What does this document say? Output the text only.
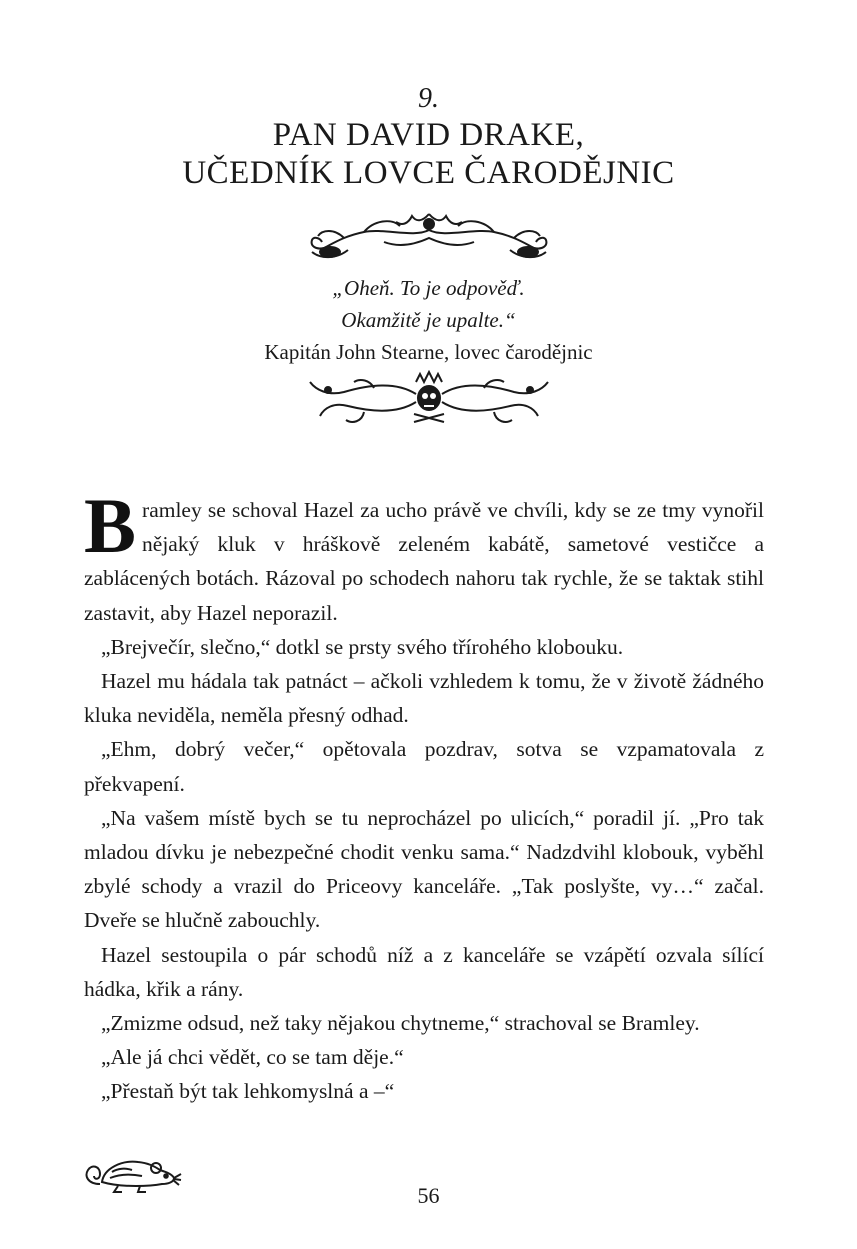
9.
PAN DAVID DRAKE,
UČEDNÍK LOVCE ČARODĚJNIC
„Oheň. To je odpověď.
Okamžitě je upalte.“
Kapitán John Stearne, lovec čarodějnic

Bramley se schoval Hazel za ucho právě ve chvíli, kdy se ze tmy vynořil nějaký kluk v hráškově zeleném kabátě, sametové vestičce a zablácených botách. Rázoval po schodech nahoru tak rychle, že se taktak stihl zastavit, aby Hazel neporazil.

„Brejvečír, slečno,“ dotkl se prsty svého třírohého klobouku.

Hazel mu hádala tak patnáct – ačkoli vzhledem k tomu, že v životě žádného kluka neviděla, neměla přesný odhad.

„Ehm, dobrý večer,“ opětovala pozdrav, sotva se vzpamatovala z překvapení.

„Na vašem místě bych se tu neprocházel po ulicích,“ poradil jí. „Pro tak mladou dívku je nebezpečné chodit venku sama.“ Nadzdvihl klobouk, vyběhl zbylé schody a vrazil do Priceovy kanceláře. „Tak poslyšte, vy…“ začal. Dveře se hlučně zabouchly.

Hazel sestoupila o pár schodů níž a z kanceláře se vzápětí ozvala sílící hádka, křik a rány.

„Zmizme odsud, než taky nějakou chytneme,“ strachoval se Bramley.

„Ale já chci vědět, co se tam děje.“

„Přestaň být tak lehkomyslná a –“

56
